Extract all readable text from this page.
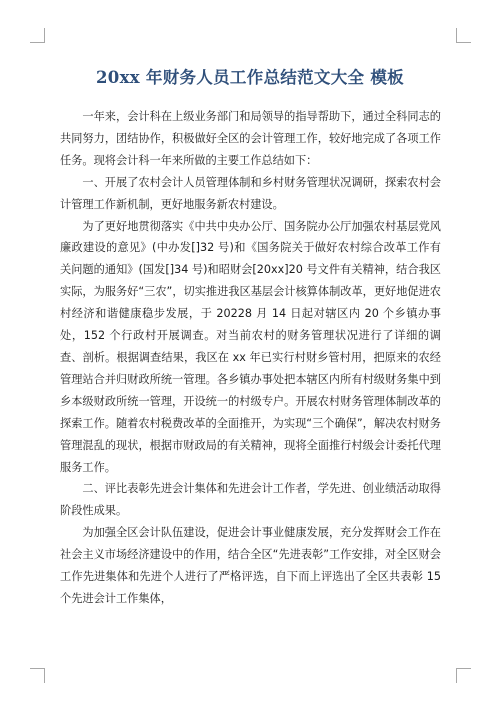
20xx 年财务人员工作总结范文大全 模板

一年来，会计科在上级业务部门和局领导的指导帮助下，通过全科同志的共同努力，团结协作，积极做好全区的会计管理工作，较好地完成了各项工作任务。现将会计科一年来所做的主要工作总结如下：

一、开展了农村会计人员管理体制和乡村财务管理状况调研，探索农村会计管理工作新机制，更好地服务新农村建设。

为了更好地贯彻落实《中共中央办公厅、国务院办公厅加强农村基层党风廉政建设的意见》(中办发[]32 号)和《国务院关于做好农村综合改革工作有关问题的通知》(国发[]34 号)和昭财会[20xx]20 号文件有关精神，结合我区实际，为服务好“三农”，切实推进我区基层会计核算体制改革，更好地促进农村经济和谐健康稳步发展，于 20228 月 14 日起对辖区内 20 个乡镇办事处，152 个行政村开展调查。对当前农村的财务管理状况进行了详细的调查、剖析。根据调查结果，我区在 xx 年已实行村财乡管村用，把原来的农经管理站合并归财政所统一管理。各乡镇办事处把本辖区内所有村级财务集中到乡本级财政所统一管理，开设统一的村级专户。开展农村财务管理体制改革的探索工作。随着农村税费改革的全面推开，为实现“三个确保”，解决农村财务管理混乱的现状，根据市财政局的有关精神，现将全面推行村级会计委托代理服务工作。

二、评比表彰先进会计集体和先进会计工作者，学先进、创业绩活动取得阶段性成果。

为加强全区会计队伍建设，促进会计事业健康发展，充分发挥财会工作在社会主义市场经济建设中的作用，结合全区“先进表彰”工作安排，对全区财会工作先进集体和先进个人进行了严格评选，自下而上评选出了全区共表彰 15 个先进会计工作集体，
